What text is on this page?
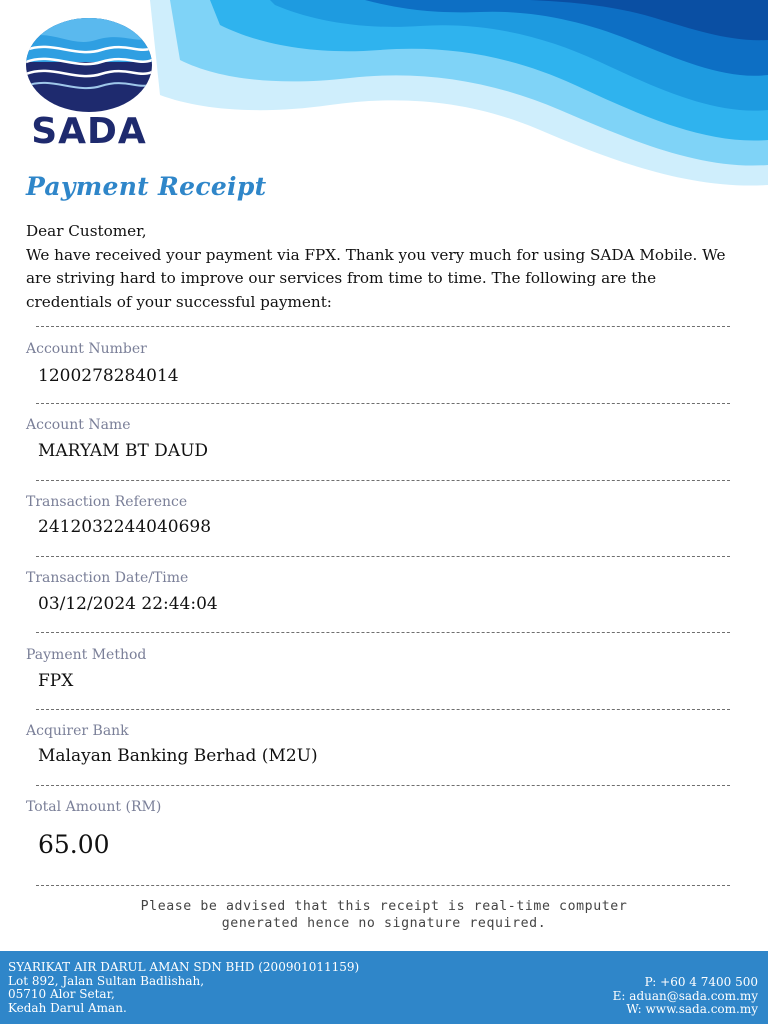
SADA
Payment Receipt
Dear Customer,
We have received your payment via FPX. Thank you very much for using SADA Mobile. We are striving hard to improve our services from time to time. The following are the credentials of your successful payment:
Account Number
1200278284014
Account Name
MARYAM BT DAUD
Transaction Reference
2412032244040698
Transaction Date/Time
03/12/2024 22:44:04
Payment Method
FPX
Acquirer Bank
Malayan Banking Berhad (M2U)
Total Amount (RM)
65.00
Please be advised that this receipt is real-time computer
generated hence no signature required.
SYARIKAT AIR DARUL AMAN SDN BHD (200901011159)
Lot 892, Jalan Sultan Badlishah,
05710 Alor Setar,
Kedah Darul Aman.
P: +60 4 7400 500
E: aduan@sada.com.my
W: www.sada.com.my
